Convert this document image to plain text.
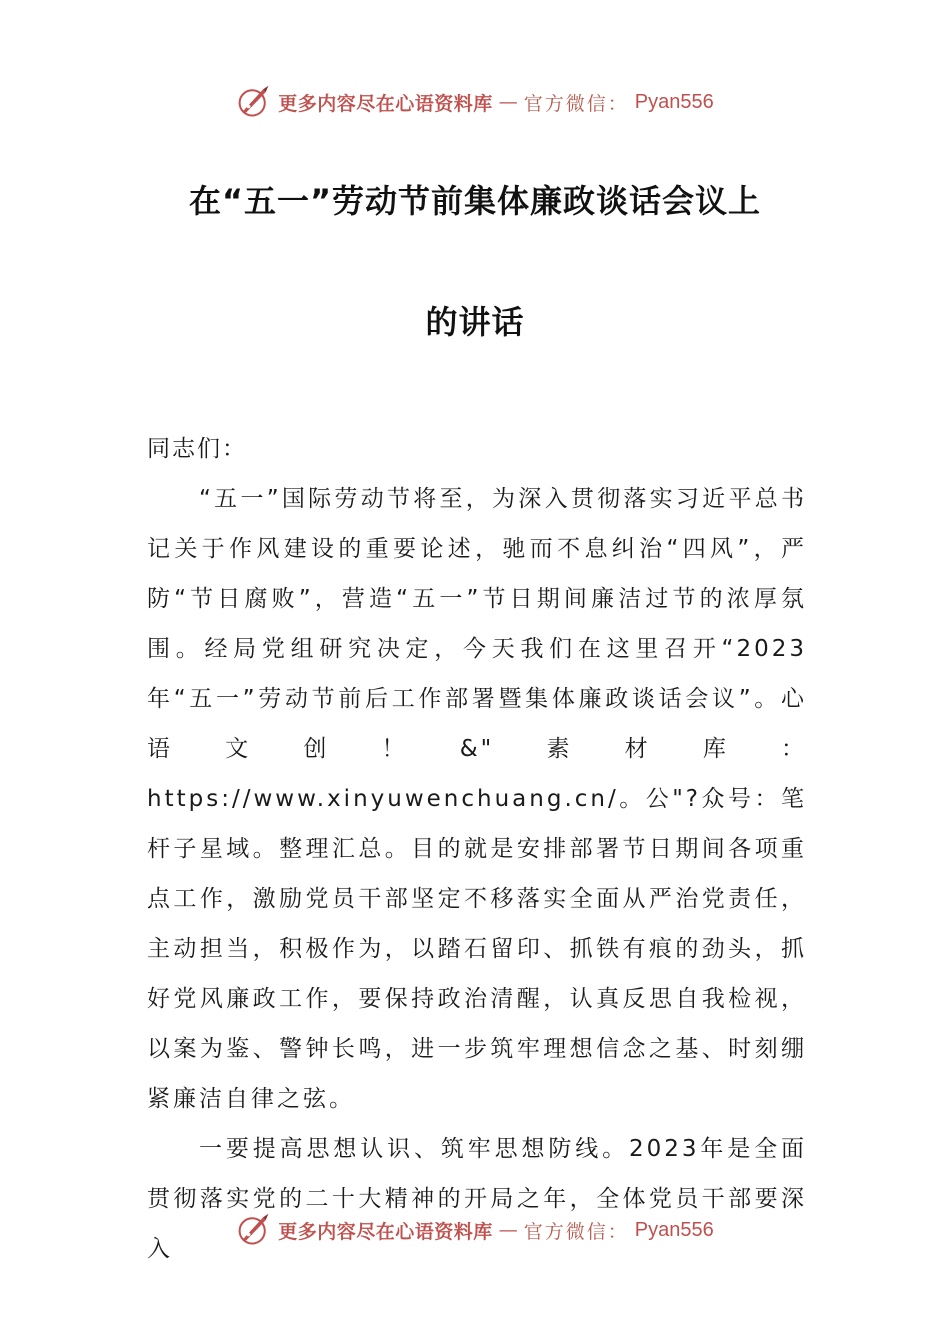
更多内容尽在心语资料库 — 官方微信： Pyan556
在“五一”劳动节前集体廉政谈话会议上
的讲话

同志们：

“五一”国际劳动节将至，为深入贯彻落实习近平总书记关于作风建设的重要论述，驰而不息纠治“四风”，严防“节日腐败”，营造“五一”节日期间廉洁过节的浓厚氛围。经局党组研究决定，今天我们在这里召开“2023年“五一”劳动节前后工作部署暨集体廉政谈话会议”。心语文创！&"素材库：https://www.xinyuwenchuang.cn/。公"?众号：笔杆子星域。整理汇总。目的就是安排部署节日期间各项重点工作，激励党员干部坚定不移落实全面从严治党责任，主动担当，积极作为，以踏石留印、抓铁有痕的劲头，抓好党风廉政工作，要保持政治清醒，认真反思自我检视，以案为鉴、警钟长鸣，进一步筑牢理想信念之基、时刻绷紧廉洁自律之弦。

一要提高思想认识、筑牢思想防线。2023年是全面贯彻落实党的二十大精神的开局之年，全体党员干部要深入

更多内容尽在心语资料库 — 官方微信： Pyan556
